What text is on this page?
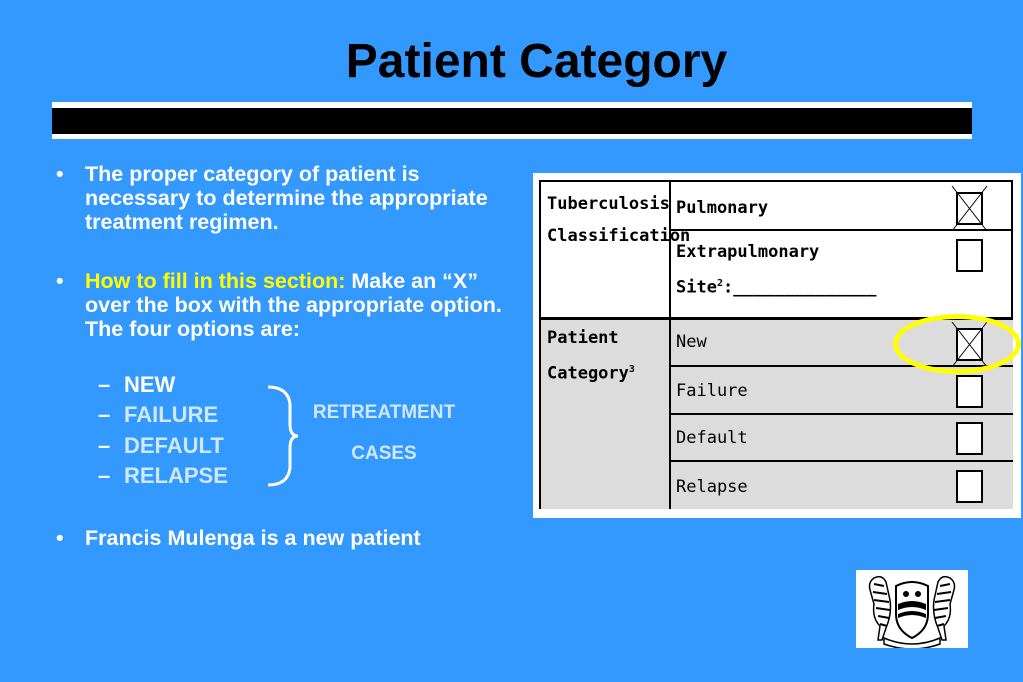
Patient Category
• The proper category of patient is necessary to determine the appropriate treatment regimen.
• How to fill in this section: Make an “X” over the box with the appropriate option. The four options are:
– NEW
– FAILURE
– DEFAULT
– RELAPSE
RETREATMENT
CASES
• Francis Mulenga is a new patient
Tuberculosis
Classification
Patient
Category$^3$
Pulmonary
Extrapulmonary
Site$^2$:______________
New
Failure
Default
Relapse
